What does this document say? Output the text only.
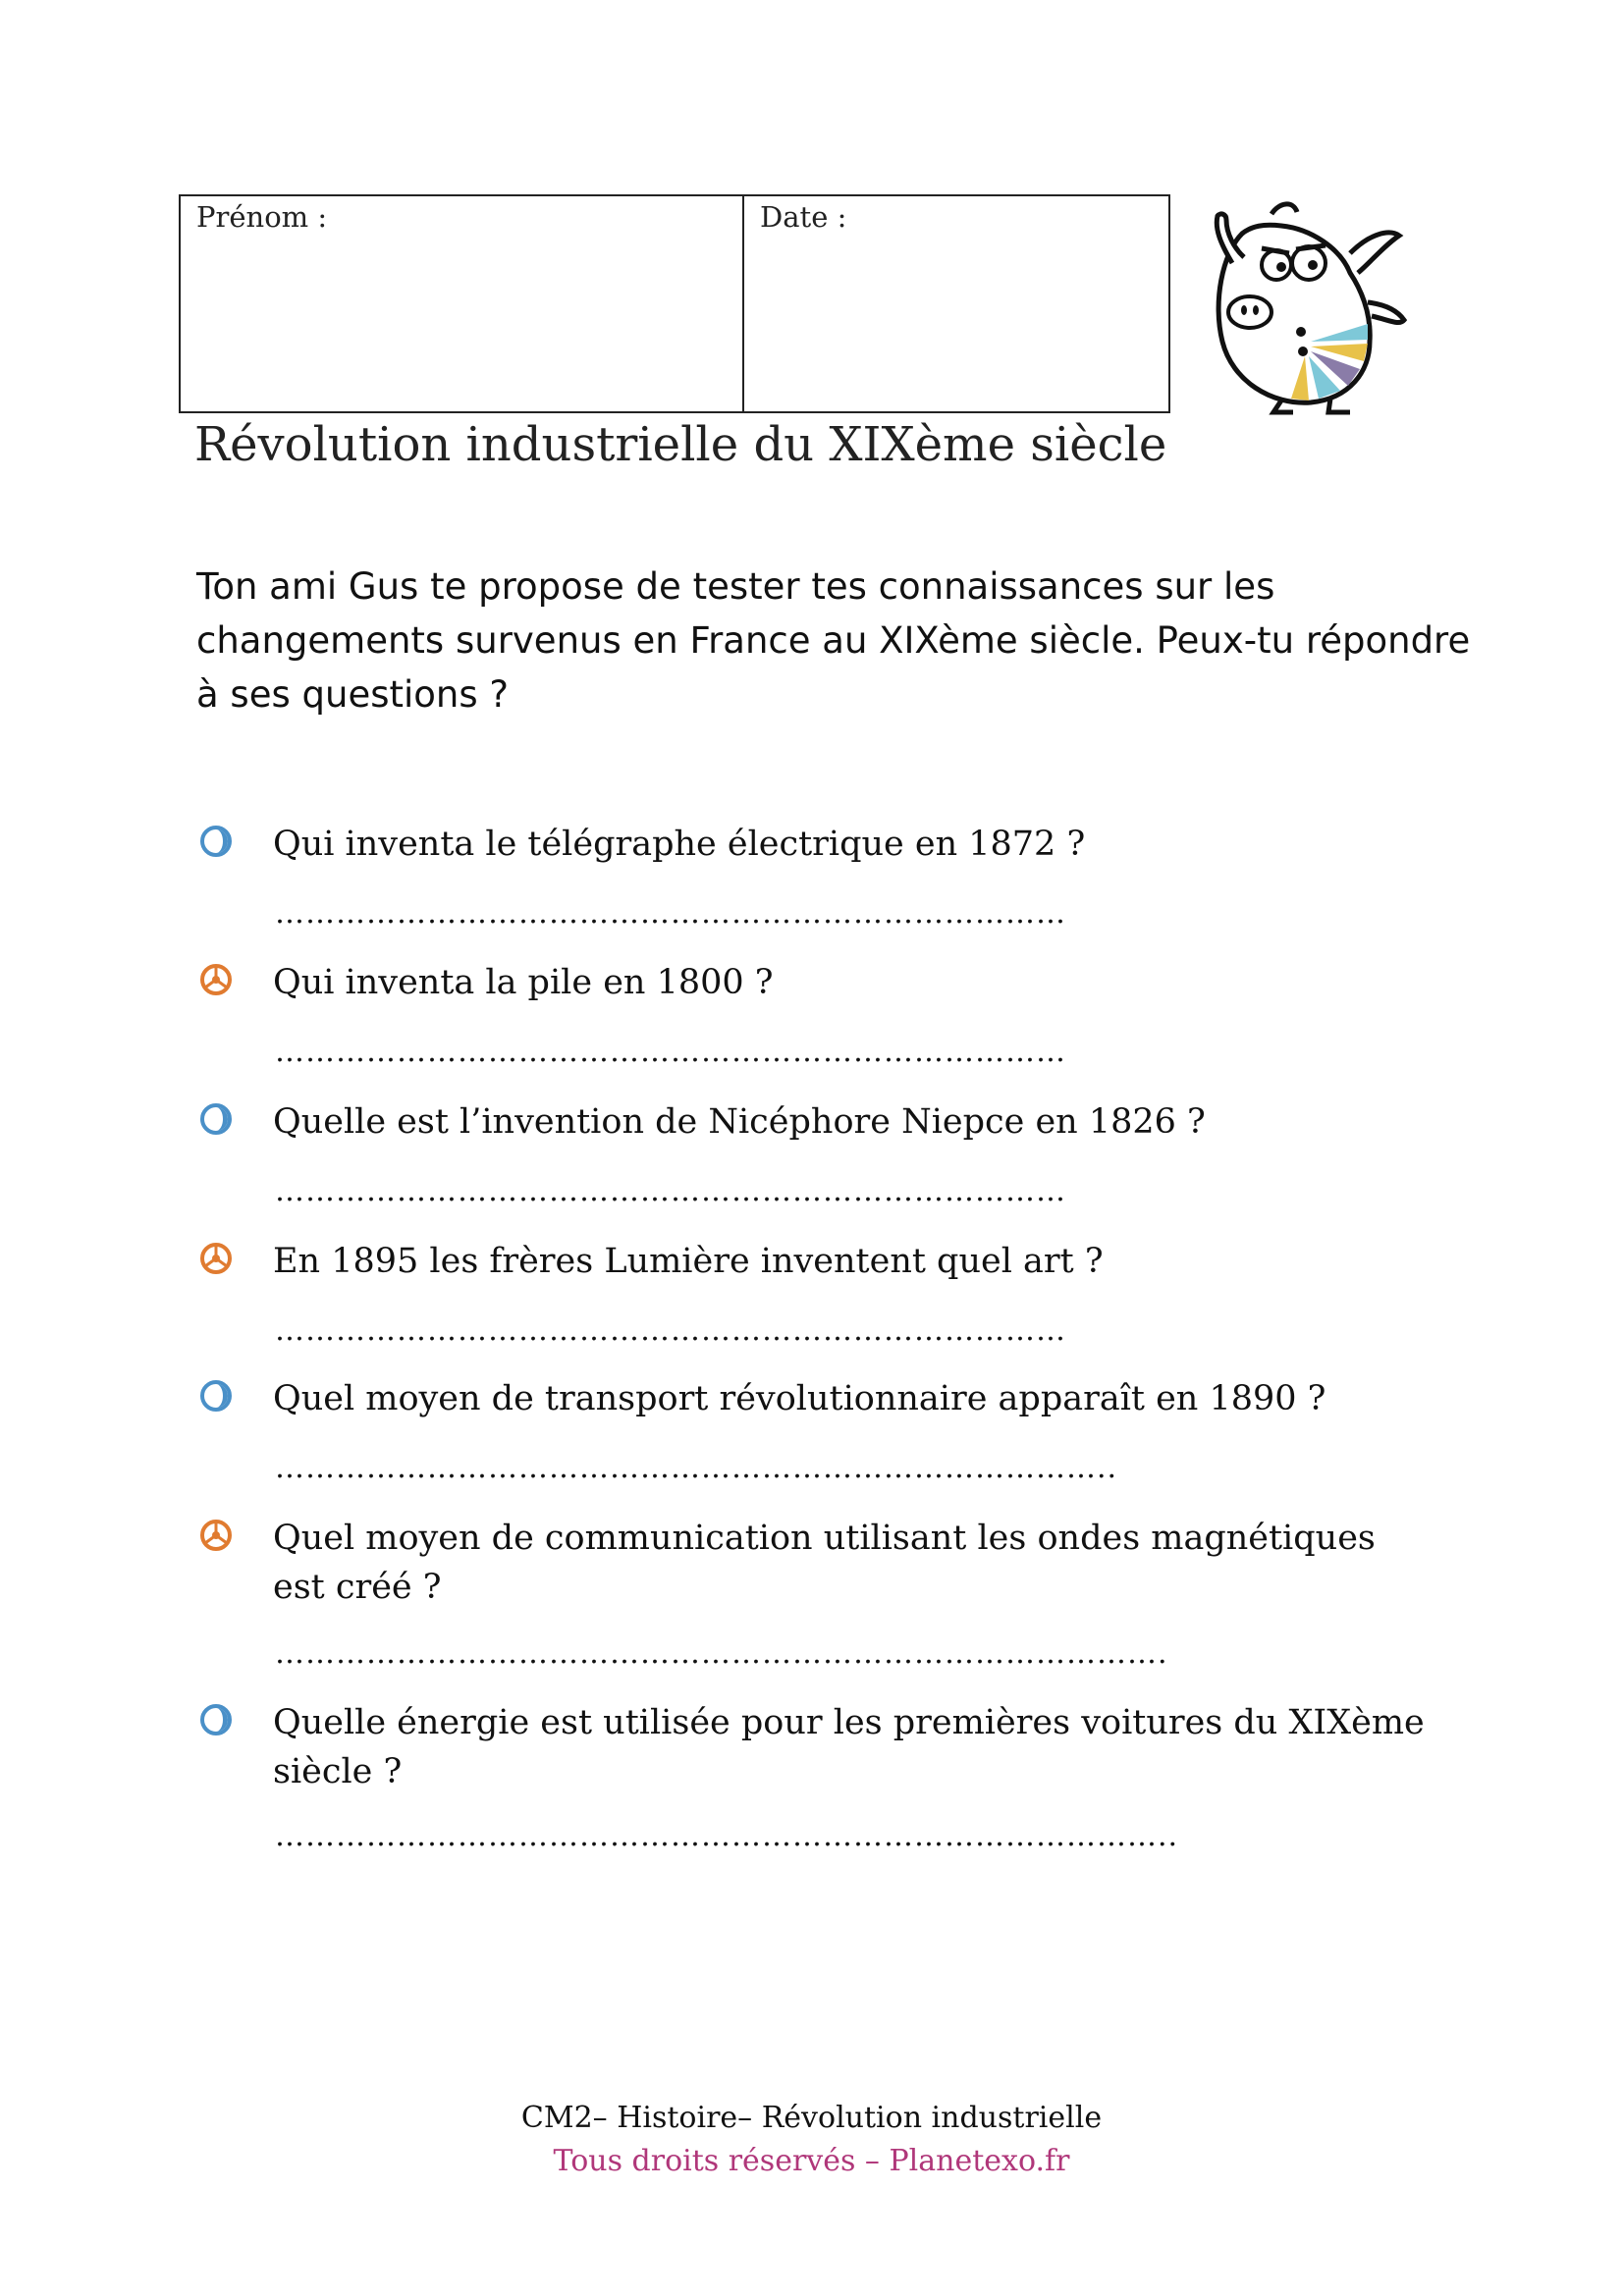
Prénom :	Date :
Révolution industrielle du XIXème siècle
Ton ami Gus te propose de tester tes connaissances sur les changements survenus en France au XIXème siècle. Peux-tu répondre à ses questions ?
Qui inventa le télégraphe électrique en 1872 ?
……………………………………………………………………
Qui inventa la pile en 1800 ?
……………………………………………………………………
Quelle est l’invention de Nicéphore Niepce en 1826 ?
……………………………………………………………………
En 1895 les frères Lumière inventent quel art ?
……………………………………………………………………
Quel moyen de transport révolutionnaire apparaît en 1890 ?
………………………………………………………………………..
Quel moyen de communication utilisant les ondes magnétiques est créé ?
…………………………………………………………………………….
Quelle énergie est utilisée pour les premières voitures du XIXème siècle ?
……………………………………………………………………………..
CM2– Histoire– Révolution industrielle
Tous droits réservés – Planetexo.fr
